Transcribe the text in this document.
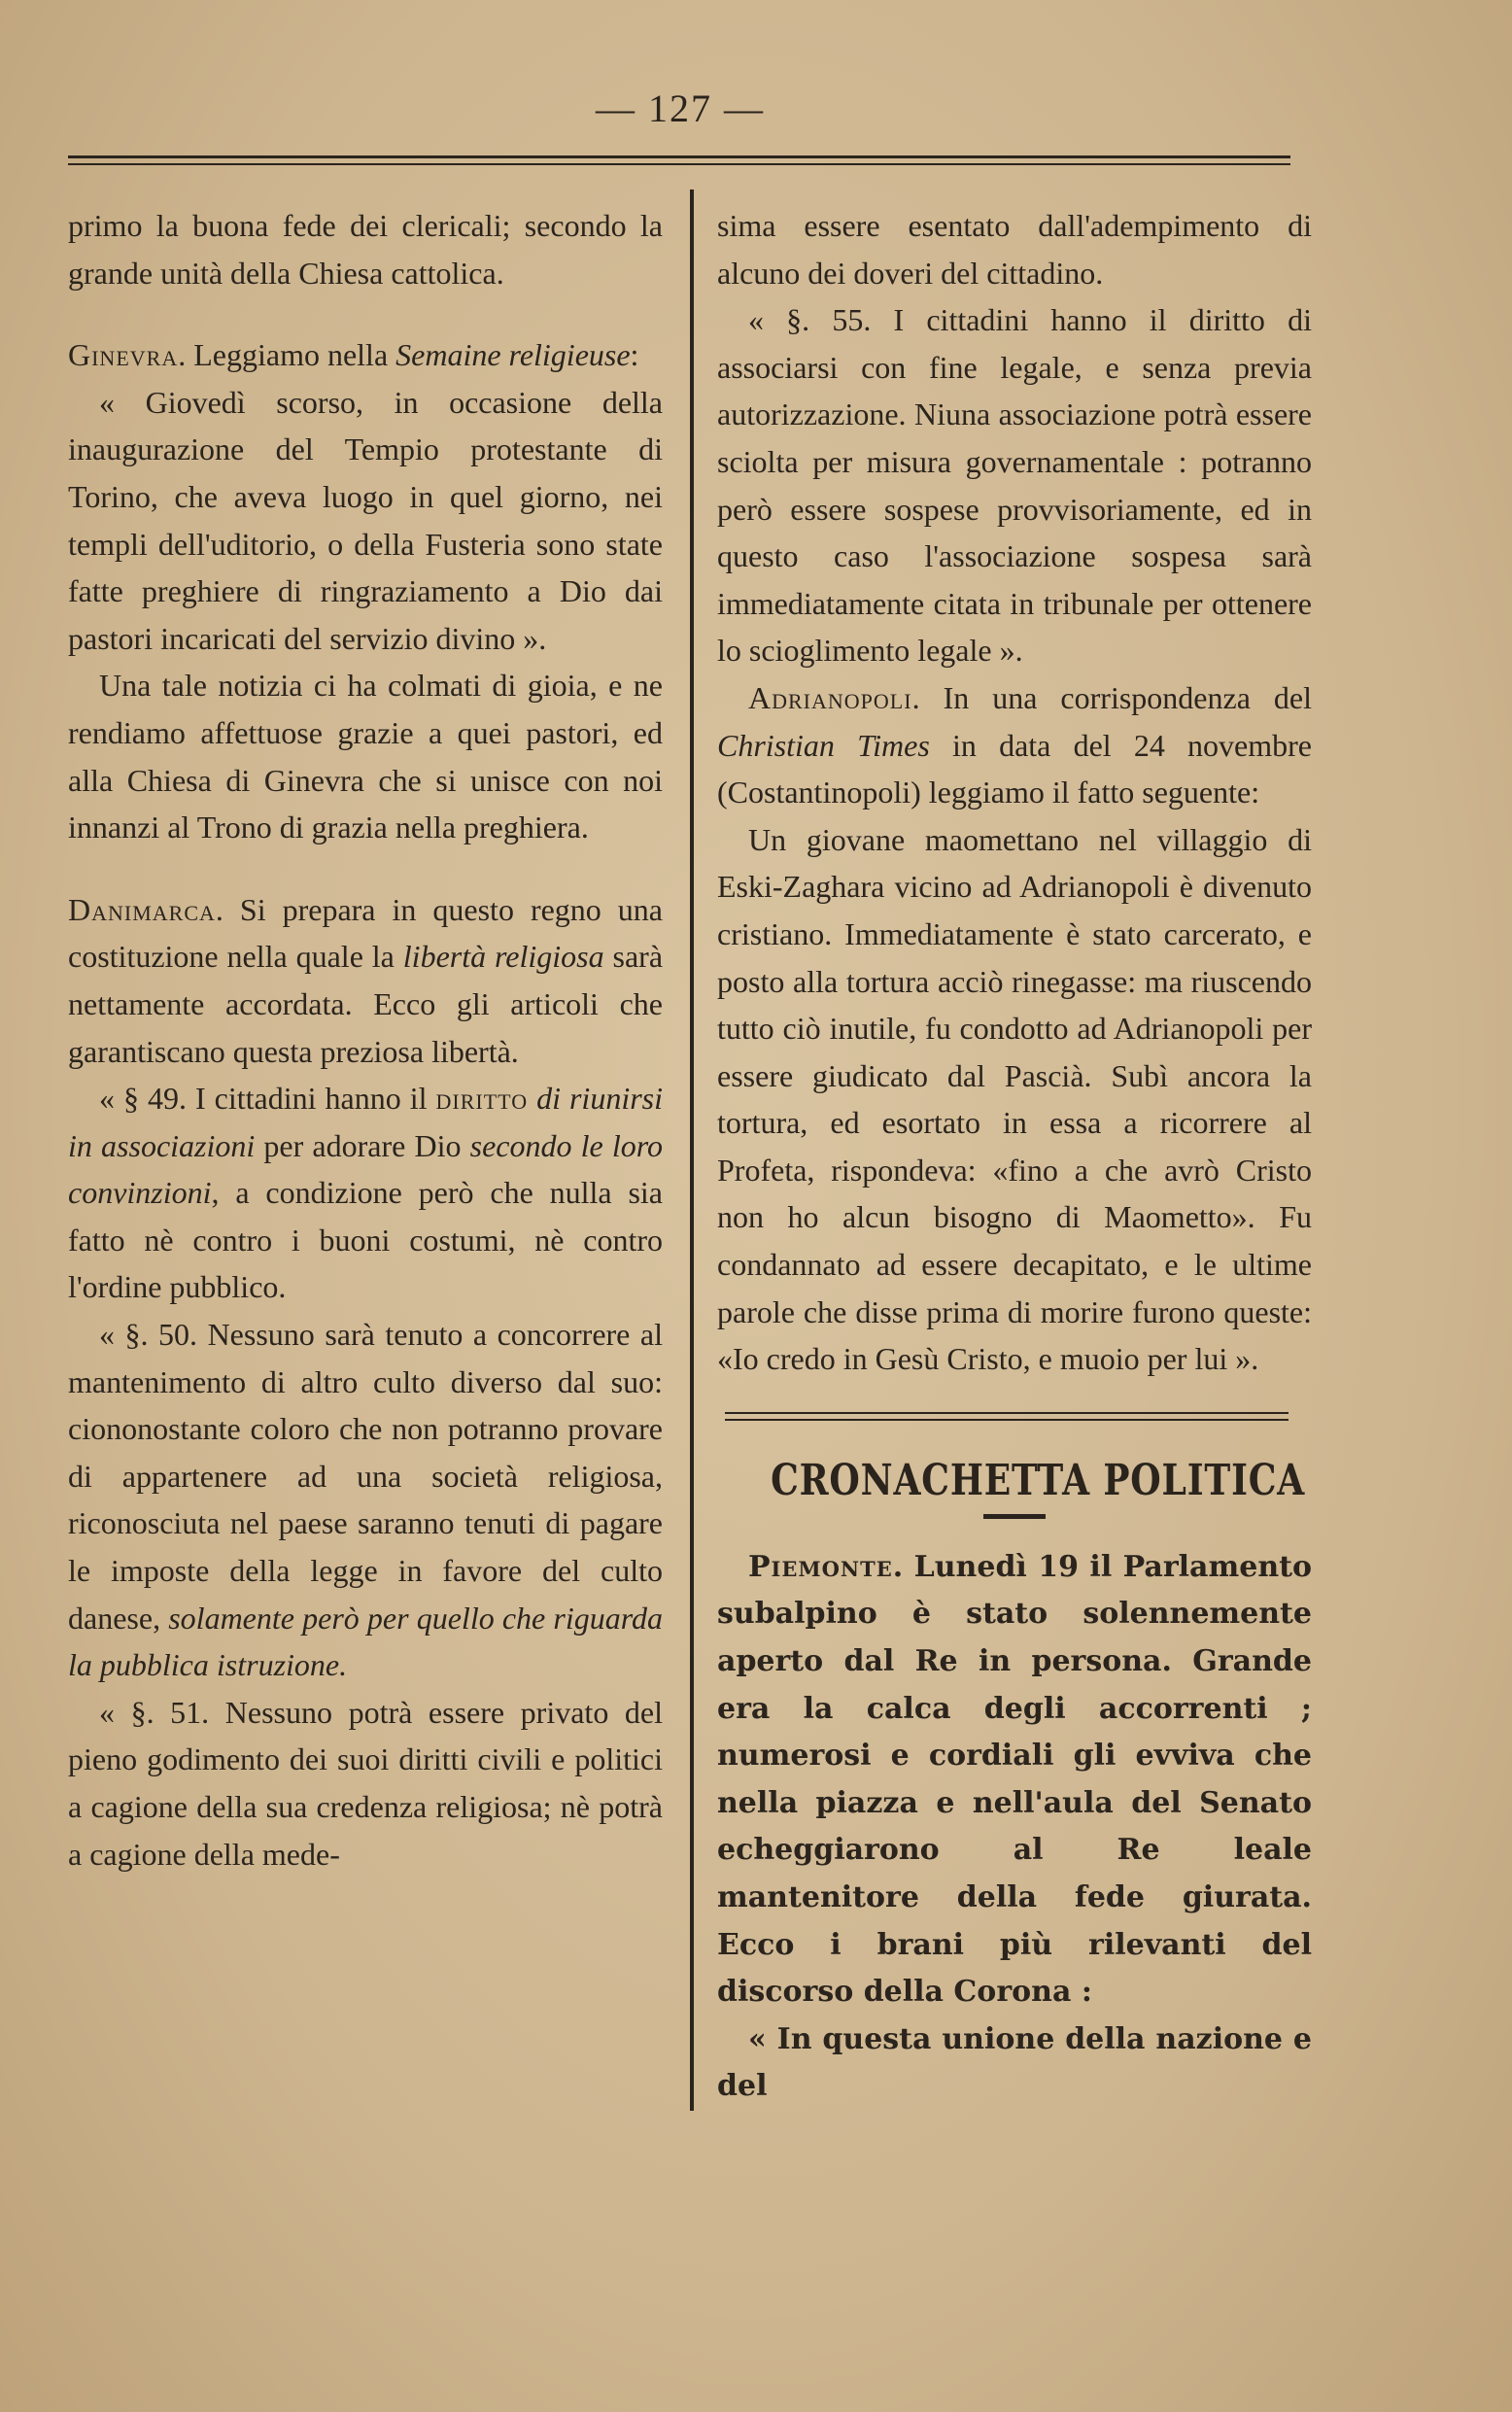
— 127 —

primo la buona fede dei clericali; secondo la grande unità della Chiesa cattolica.

Ginevra. Leggiamo nella Semaine religieuse:

« Giovedì scorso, in occasione della inaugurazione del Tempio protestante di Torino, che aveva luogo in quel giorno, nei templi dell'uditorio, o della Fusteria sono state fatte preghiere di ringraziamento a Dio dai pastori incaricati del servizio divino ».

Una tale notizia ci ha colmati di gioia, e ne rendiamo affettuose grazie a quei pastori, ed alla Chiesa di Ginevra che si unisce con noi innanzi al Trono di grazia nella preghiera.

Danimarca. Si prepara in questo regno una costituzione nella quale la libertà religiosa sarà nettamente accordata. Ecco gli articoli che garantiscano questa preziosa libertà.

« § 49. I cittadini hanno il diritto di riunirsi in associazioni per adorare Dio secondo le loro convinzioni, a condizione però che nulla sia fatto nè contro i buoni costumi, nè contro l'ordine pubblico.

« §. 50. Nessuno sarà tenuto a concorrere al mantenimento di altro culto diverso dal suo: ciononostante coloro che non potranno provare di appartenere ad una società religiosa, riconosciuta nel paese saranno tenuti di pagare le imposte della legge in favore del culto danese, solamente però per quello che riguarda la pubblica istruzione.

« §. 51. Nessuno potrà essere privato del pieno godimento dei suoi diritti civili e politici a cagione della sua credenza religiosa; nè potrà a cagione della mede-

sima essere esentato dall'adempimento di alcuno dei doveri del cittadino.

« §. 55. I cittadini hanno il diritto di associarsi con fine legale, e senza previa autorizzazione. Niuna associazione potrà essere sciolta per misura governamentale : potranno però essere sospese provvisoriamente, ed in questo caso l'associazione sospesa sarà immediatamente citata in tribunale per ottenere lo scioglimento legale ».

Adrianopoli. In una corrispondenza del Christian Times in data del 24 novembre (Costantinopoli) leggiamo il fatto seguente:

Un giovane maomettano nel villaggio di Eski-Zaghara vicino ad Adrianopoli è divenuto cristiano. Immediatamente è stato carcerato, e posto alla tortura acciò rinegasse: ma riuscendo tutto ciò inutile, fu condotto ad Adrianopoli per essere giudicato dal Pascià. Subì ancora la tortura, ed esortato in essa a ricorrere al Profeta, rispondeva: «fino a che avrò Cristo non ho alcun bisogno di Maometto». Fu condannato ad essere decapitato, e le ultime parole che disse prima di morire furono queste: «Io credo in Gesù Cristo, e muoio per lui ».

CRONACHETTA POLITICA

Piemonte. Lunedì 19 il Parlamento subalpino è stato solennemente aperto dal Re in persona. Grande era la calca degli accorrenti ; numerosi e cordiali gli evviva che nella piazza e nell'aula del Senato echeggiarono al Re leale mantenitore della fede giurata. Ecco i brani più rilevanti del discorso della Corona :

« In questa unione della nazione e del
